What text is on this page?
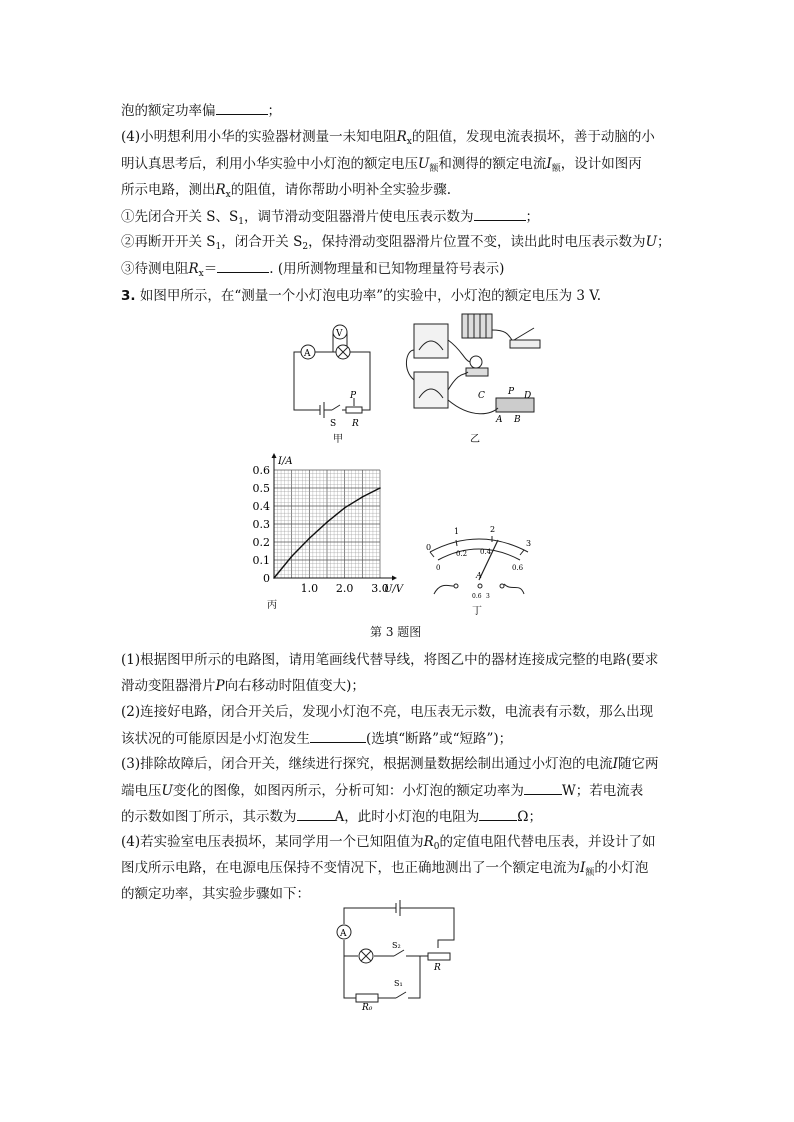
泡的额定功率偏	；
(4)小明想利用小华的实验器材测量一未知电阻$R_x$的阻值，发现电流表损坏，善于动脑的小
明认真思考后，利用小华实验中小灯泡的额定电压$U_额$和测得的额定电流$I_额$，设计如图丙
所示电路，测出$R_x$的阻值，请你帮助小明补全实验步骤.
①先闭合开关 S、$S_1$，调节滑动变阻器滑片使电压表示数为	；
②再断开开关 $S_1$，闭合开关 $S_2$，保持滑动变阻器滑片位置不变，读出此时电压表示数为U；
③待测电阻$R_x=$	. (用所测物理量和已知物理量符号表示)
3. 如图甲所示，在“测量一个小灯泡电功率”的实验中，小灯泡的额定电压为 3 V.
A
V
S
P
R
甲
C	P D
A B
乙
0
0.1
0.2
0.3
0.4
0.5
0.6
1.0 2.0 3.0
U/V
I/A
丙
0
1	2
3
0
0.2 0.4
0.6
A
0.6 3
丁
第 3 题图
(1)根据图甲所示的电路图，请用笔画线代替导线，将图乙中的器材连接成完整的电路(要求
滑动变阻器滑片P向右移动时阻值变大)；
(2)连接好电路，闭合开关后，发现小灯泡不亮，电压表无示数，电流表有示数，那么出现
该状况的可能原因是小灯泡发生	(选填“断路”或“短路”)；
(3)排除故障后，闭合开关，继续进行探究，根据测量数据绘制出通过小灯泡的电流I随它两
端电压U变化的图像，如图丙所示，分析可知：小灯泡的额定功率为	W；若电流表
的示数如图丁所示，其示数为	A，此时小灯泡的电阻为	Ω；
(4)若实验室电压表损坏，某同学用一个已知阻值为$R_0$的定值电阻代替电压表，并设计了如
图戊所示电路，在电源电压保持不变情况下，也正确地测出了一个额定电流为$I_额$的小灯泡
的额定功率，其实验步骤如下：
A
S₂
S₁
R
R₀
